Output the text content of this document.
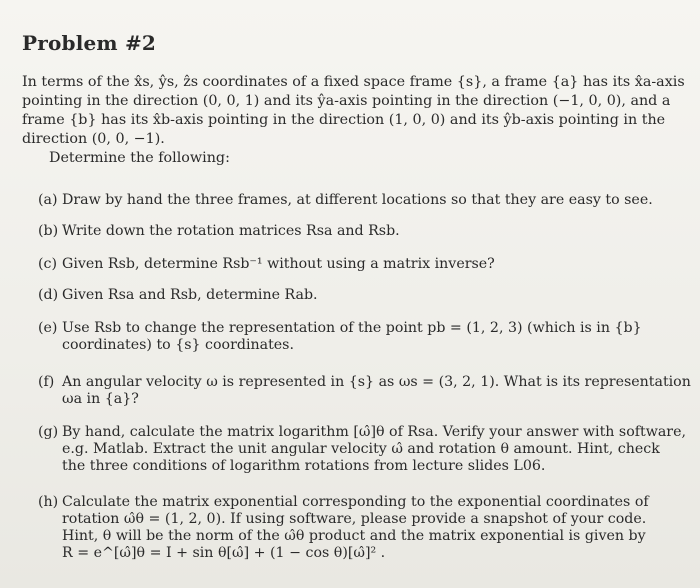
Problem #2
In terms of the x̂s, ŷs, ẑs coordinates of a fixed space frame {s}, a frame {a} has its x̂a-axis
pointing in the direction (0, 0, 1) and its ŷa-axis pointing in the direction (−1, 0, 0), and a
frame {b} has its x̂b-axis pointing in the direction (1, 0, 0) and its ŷb-axis pointing in the
direction (0, 0, −1).
Determine the following:
(a) Draw by hand the three frames, at different locations so that they are easy to see.
(b) Write down the rotation matrices Rsa and Rsb.
(c) Given Rsb, determine Rsb⁻¹ without using a matrix inverse?
(d) Given Rsa and Rsb, determine Rab.
(e) Use Rsb to change the representation of the point pb = (1, 2, 3) (which is in {b}
coordinates) to {s} coordinates.
(f) An angular velocity ω is represented in {s} as ωs = (3, 2, 1). What is its representation
ωa in {a}?
(g) By hand, calculate the matrix logarithm [ω̂]θ of Rsa. Verify your answer with software,
e.g. Matlab. Extract the unit angular velocity ω̂ and rotation θ amount. Hint, check
the three conditions of logarithm rotations from lecture slides L06.
(h) Calculate the matrix exponential corresponding to the exponential coordinates of
rotation ω̂θ = (1, 2, 0). If using software, please provide a snapshot of your code.
Hint, θ will be the norm of the ω̂θ product and the matrix exponential is given by
R = e^[ω̂]θ = I + sin θ[ω̂] + (1 − cos θ)[ω̂]² .
